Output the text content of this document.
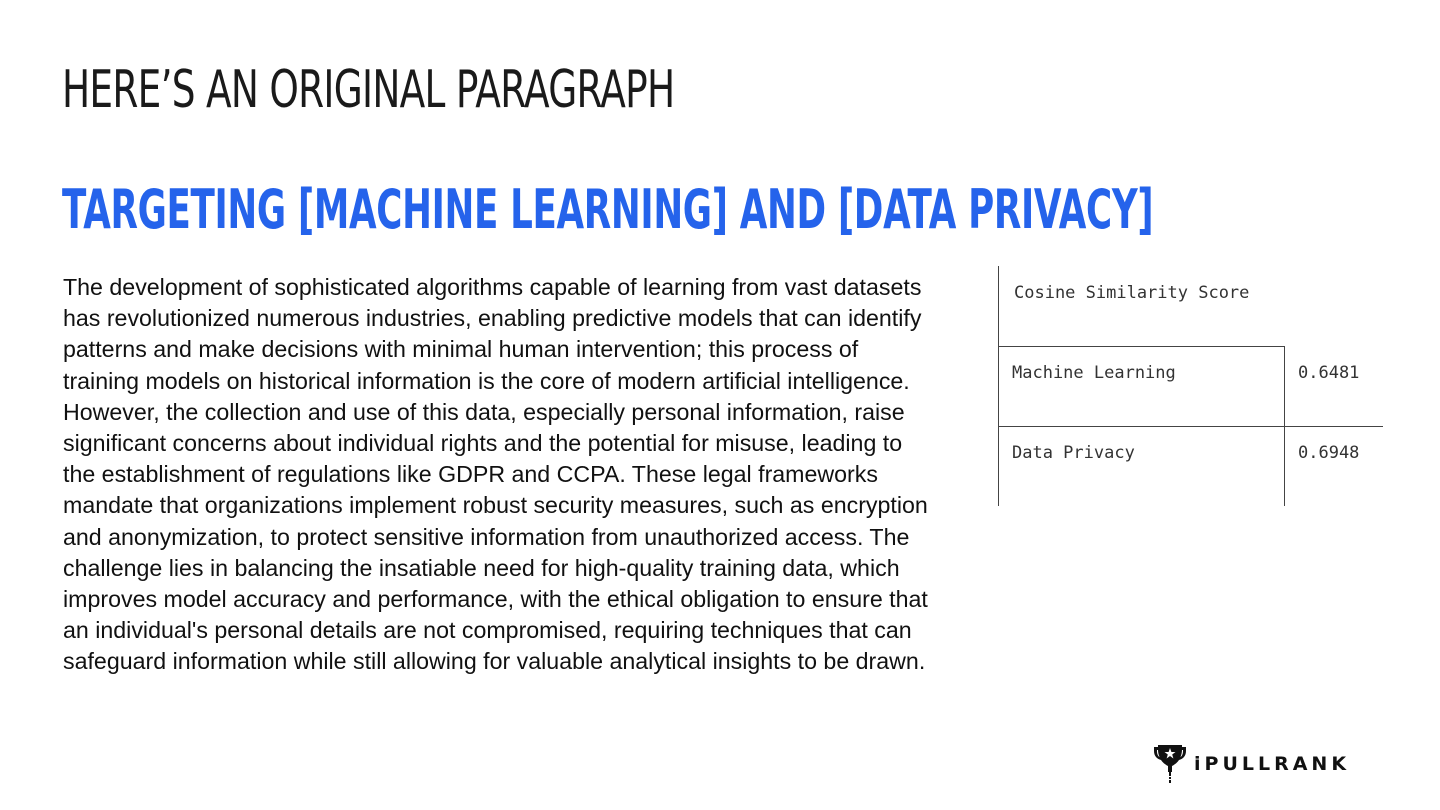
HERE’S AN ORIGINAL PARAGRAPH
TARGETING [MACHINE LEARNING] AND [DATA PRIVACY]

The development of sophisticated algorithms capable of learning from vast datasets has revolutionized numerous industries, enabling predictive models that can identify patterns and make decisions with minimal human intervention; this process of training models on historical information is the core of modern artificial intelligence. However, the collection and use of this data, especially personal information, raise significant concerns about individual rights and the potential for misuse, leading to the establishment of regulations like GDPR and CCPA. These legal frameworks mandate that organizations implement robust security measures, such as encryption and anonymization, to protect sensitive information from unauthorized access. The challenge lies in balancing the insatiable need for high-quality training data, which improves model accuracy and performance, with the ethical obligation to ensure that an individual's personal details are not compromised, requiring techniques that can safeguard information while still allowing for valuable analytical insights to be drawn.

Cosine Similarity Score
Machine Learning	0.6481
Data Privacy	0.6948
iPULLRANK
